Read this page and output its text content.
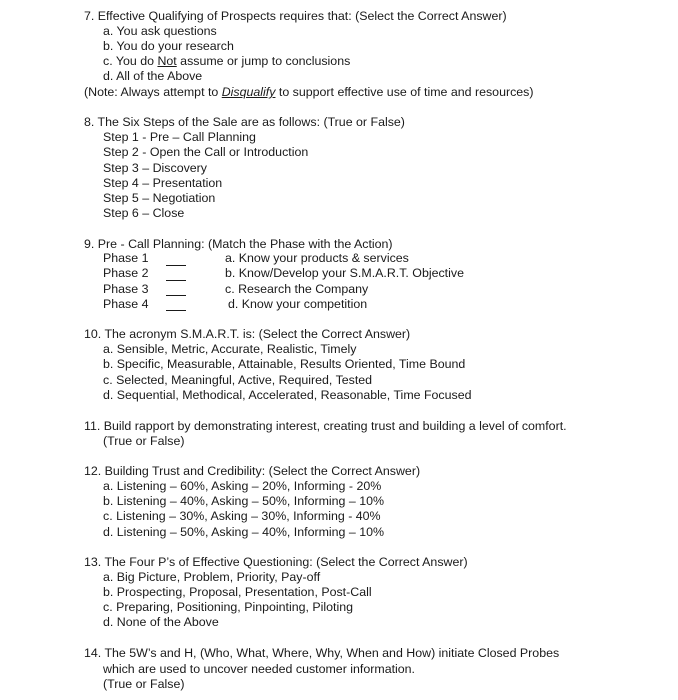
7. Effective Qualifying of Prospects requires that: (Select the Correct Answer)
a. You ask questions
b. You do your research
c. You do Not assume or jump to conclusions
d. All of the Above
(Note: Always attempt to Disqualify to support effective use of time and resources)
8. The Six Steps of the Sale are as follows: (True or False)
Step 1 - Pre – Call Planning
Step 2 - Open the Call or Introduction
Step 3 – Discovery
Step 4 – Presentation
Step 5 – Negotiation
Step 6 – Close
9. Pre - Call Planning: (Match the Phase with the Action)
Phase 1
Phase 2
Phase 3
Phase 4
a. Know your products & services
b. Know/Develop your S.M.A.R.T. Objective
c. Research the Company
d. Know your competition
10. The acronym S.M.A.R.T. is: (Select the Correct Answer)
a. Sensible, Metric, Accurate, Realistic, Timely
b. Specific, Measurable, Attainable, Results Oriented, Time Bound
c. Selected, Meaningful, Active, Required, Tested
d. Sequential, Methodical, Accelerated, Reasonable, Time Focused
11. Build rapport by demonstrating interest, creating trust and building a level of comfort.
(True or False)
12. Building Trust and Credibility: (Select the Correct Answer)
a. Listening – 60%, Asking – 20%, Informing - 20%
b. Listening – 40%, Asking – 50%, Informing – 10%
c. Listening – 30%, Asking – 30%, Informing - 40%
d. Listening – 50%, Asking – 40%, Informing – 10%
13. The Four P’s of Effective Questioning: (Select the Correct Answer)
a. Big Picture, Problem, Priority, Pay-off
b. Prospecting, Proposal, Presentation, Post-Call
c. Preparing, Positioning, Pinpointing, Piloting
d. None of the Above
14. The 5W’s and H, (Who, What, Where, Why, When and How) initiate Closed Probes
which are used to uncover needed customer information.
(True or False)
